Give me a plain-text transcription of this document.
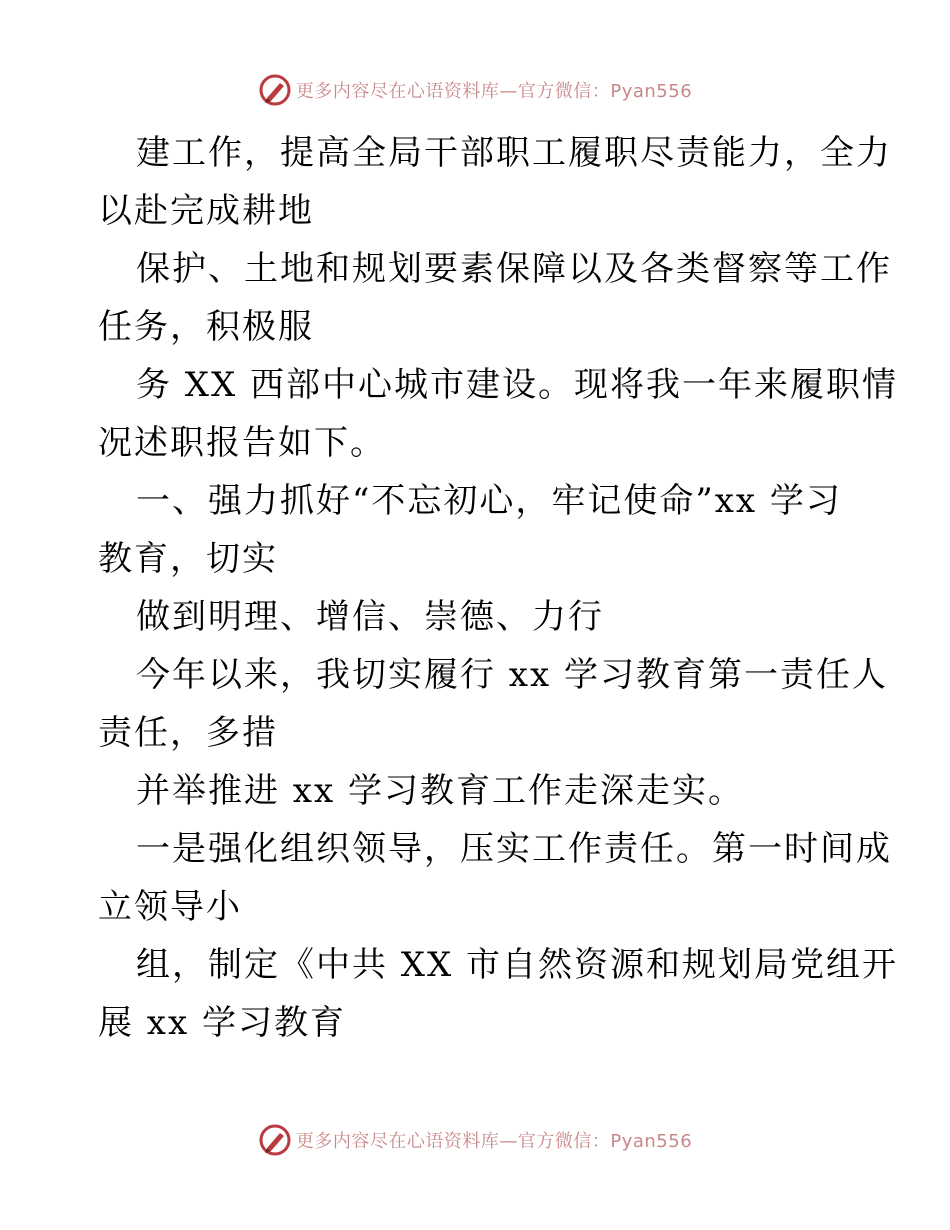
更多内容尽在心语资料库—官方微信：Pyan556
建工作，提高全局干部职工履职尽责能力，全力
以赴完成耕地
保护、土地和规划要素保障以及各类督察等工作
任务，积极服
务 XX 西部中心城市建设。现将我一年来履职情
况述职报告如下。
一、强力抓好“不忘初心，牢记使命”xx 学习
教育，切实
做到明理、增信、崇德、力行
今年以来，我切实履行 xx 学习教育第一责任人
责任，多措
并举推进 xx 学习教育工作走深走实。
一是强化组织领导，压实工作责任。第一时间成
立领导小
组，制定《中共 XX 市自然资源和规划局党组开
展 xx 学习教育
更多内容尽在心语资料库—官方微信：Pyan556
